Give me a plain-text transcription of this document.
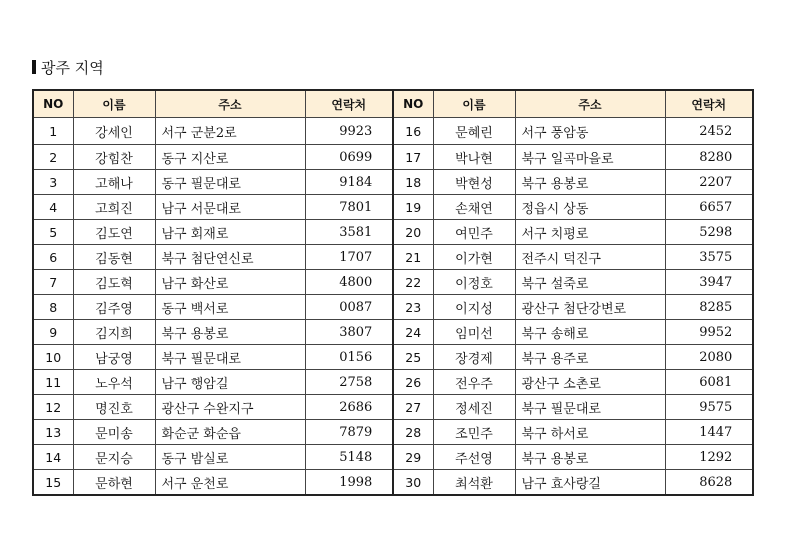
광주 지역
NO	이름	주소	연락처	NO	이름	주소	연락처
1	강세인	서구 군분2로	9923	16	문혜린	서구 풍암동	2452
2	강힘찬	동구 지산로	0699	17	박나현	북구 일곡마을로	8280
3	고해나	동구 필문대로	9184	18	박현성	북구 용봉로	2207
4	고희진	남구 서문대로	7801	19	손채연	정읍시 상동	6657
5	김도연	남구 회재로	3581	20	여민주	서구 치평로	5298
6	김동현	북구 첨단연신로	1707	21	이가현	전주시 덕진구	3575
7	김도혁	남구 화산로	4800	22	이정호	북구 설죽로	3947
8	김주영	동구 백서로	0087	23	이지성	광산구 첨단강변로	8285
9	김지희	북구 용봉로	3807	24	임미선	북구 송해로	9952
10	남궁영	북구 필문대로	0156	25	장경제	북구 용주로	2080
11	노우석	남구 행암길	2758	26	전우주	광산구 소촌로	6081
12	명진호	광산구 수완지구	2686	27	정세진	북구 필문대로	9575
13	문미송	화순군 화순읍	7879	28	조민주	북구 하서로	1447
14	문지승	동구 밤실로	5148	29	주선영	북구 용봉로	1292
15	문하현	서구 운천로	1998	30	최석환	남구 효사랑길	8628
